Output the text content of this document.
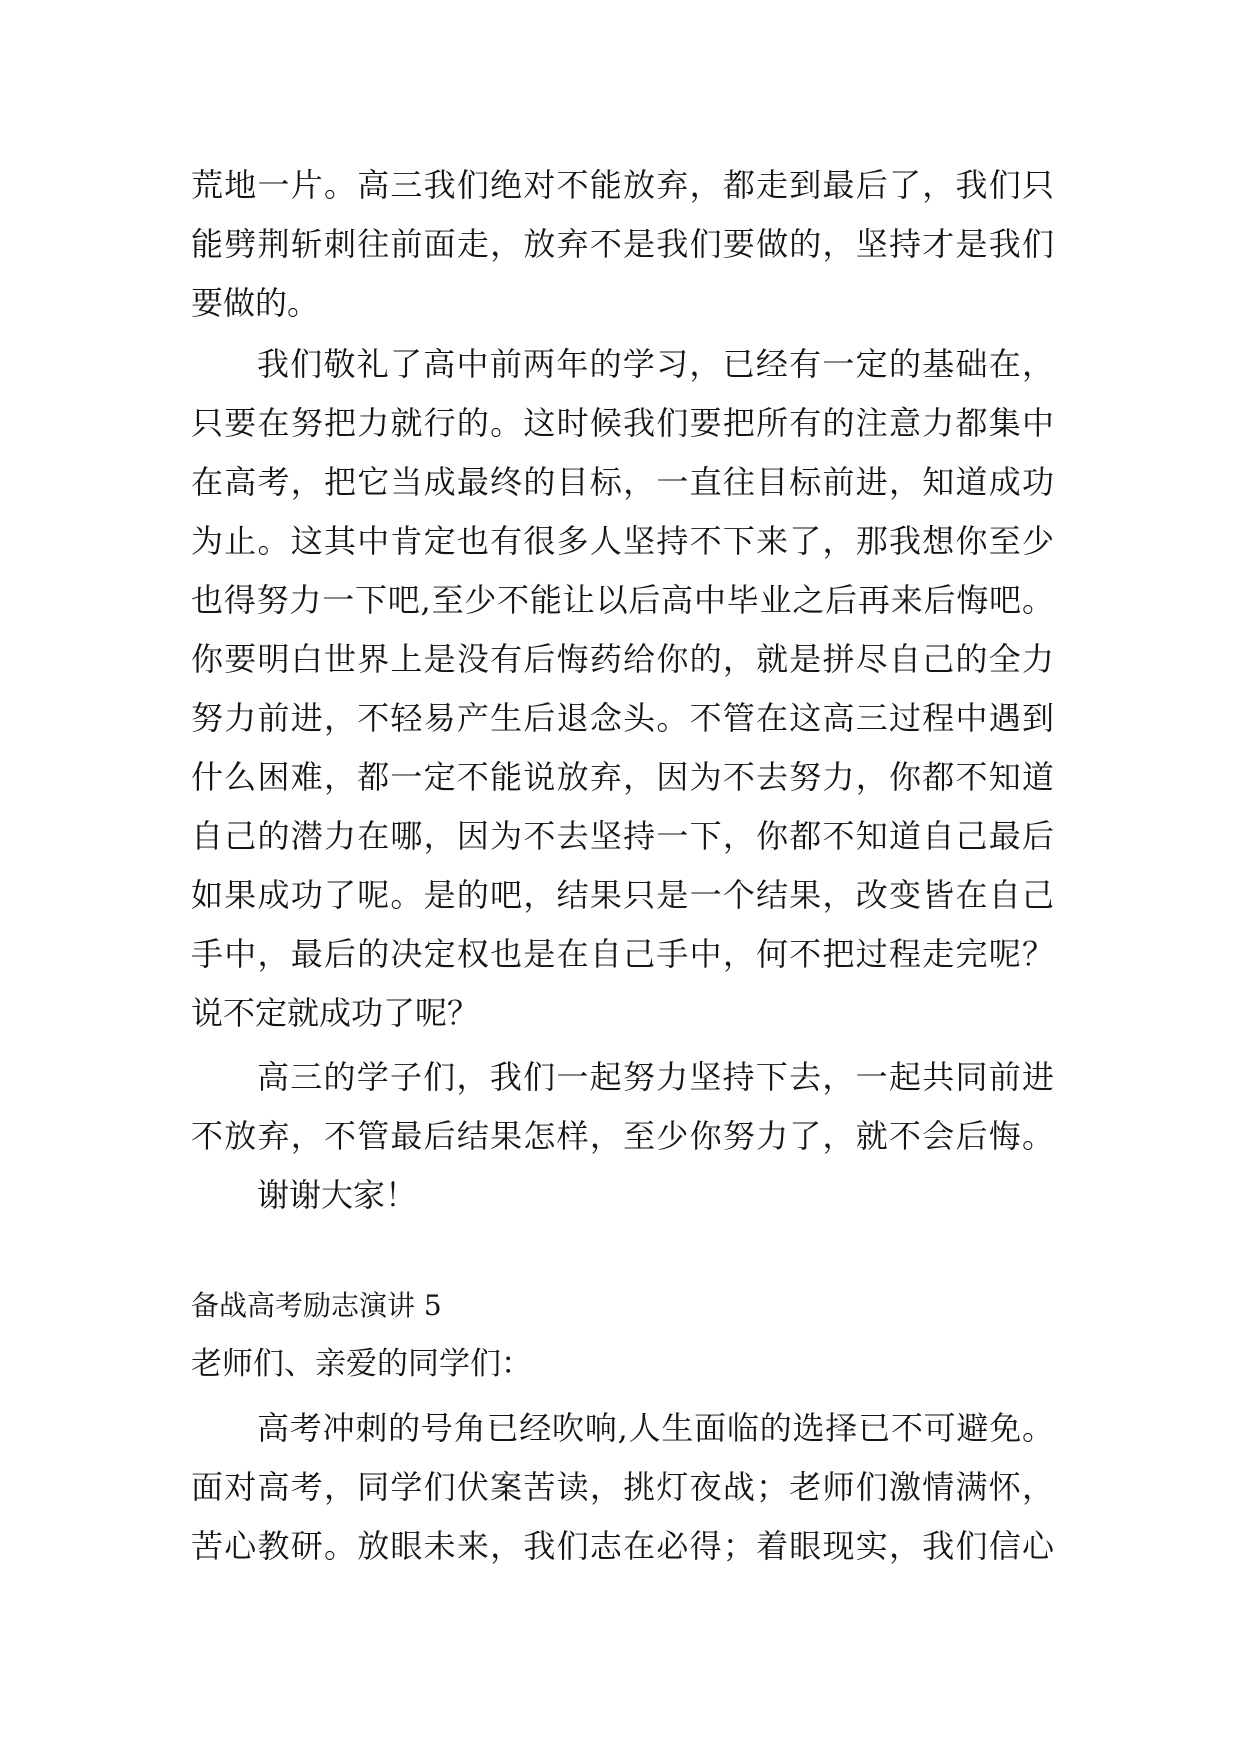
荒地一片。高三我们绝对不能放弃，都走到最后了，我们只
能劈荆斩刺往前面走，放弃不是我们要做的，坚持才是我们
要做的。
我们敬礼了高中前两年的学习，已经有一定的基础在，
只要在努把力就行的。这时候我们要把所有的注意力都集中
在高考，把它当成最终的目标，一直往目标前进，知道成功
为止。这其中肯定也有很多人坚持不下来了，那我想你至少
也得努力一下吧,至少不能让以后高中毕业之后再来后悔吧。
你要明白世界上是没有后悔药给你的，就是拼尽自己的全力
努力前进，不轻易产生后退念头。不管在这高三过程中遇到
什么困难，都一定不能说放弃，因为不去努力，你都不知道
自己的潜力在哪，因为不去坚持一下，你都不知道自己最后
如果成功了呢。是的吧，结果只是一个结果，改变皆在自己
手中，最后的决定权也是在自己手中，何不把过程走完呢？
说不定就成功了呢？
高三的学子们，我们一起努力坚持下去，一起共同前进
不放弃，不管最后结果怎样，至少你努力了，就不会后悔。
谢谢大家！
备战高考励志演讲 5
老师们、亲爱的同学们：
高考冲刺的号角已经吹响,人生面临的选择已不可避免。
面对高考，同学们伏案苦读，挑灯夜战；老师们激情满怀，
苦心教研。放眼未来，我们志在必得；着眼现实，我们信心
